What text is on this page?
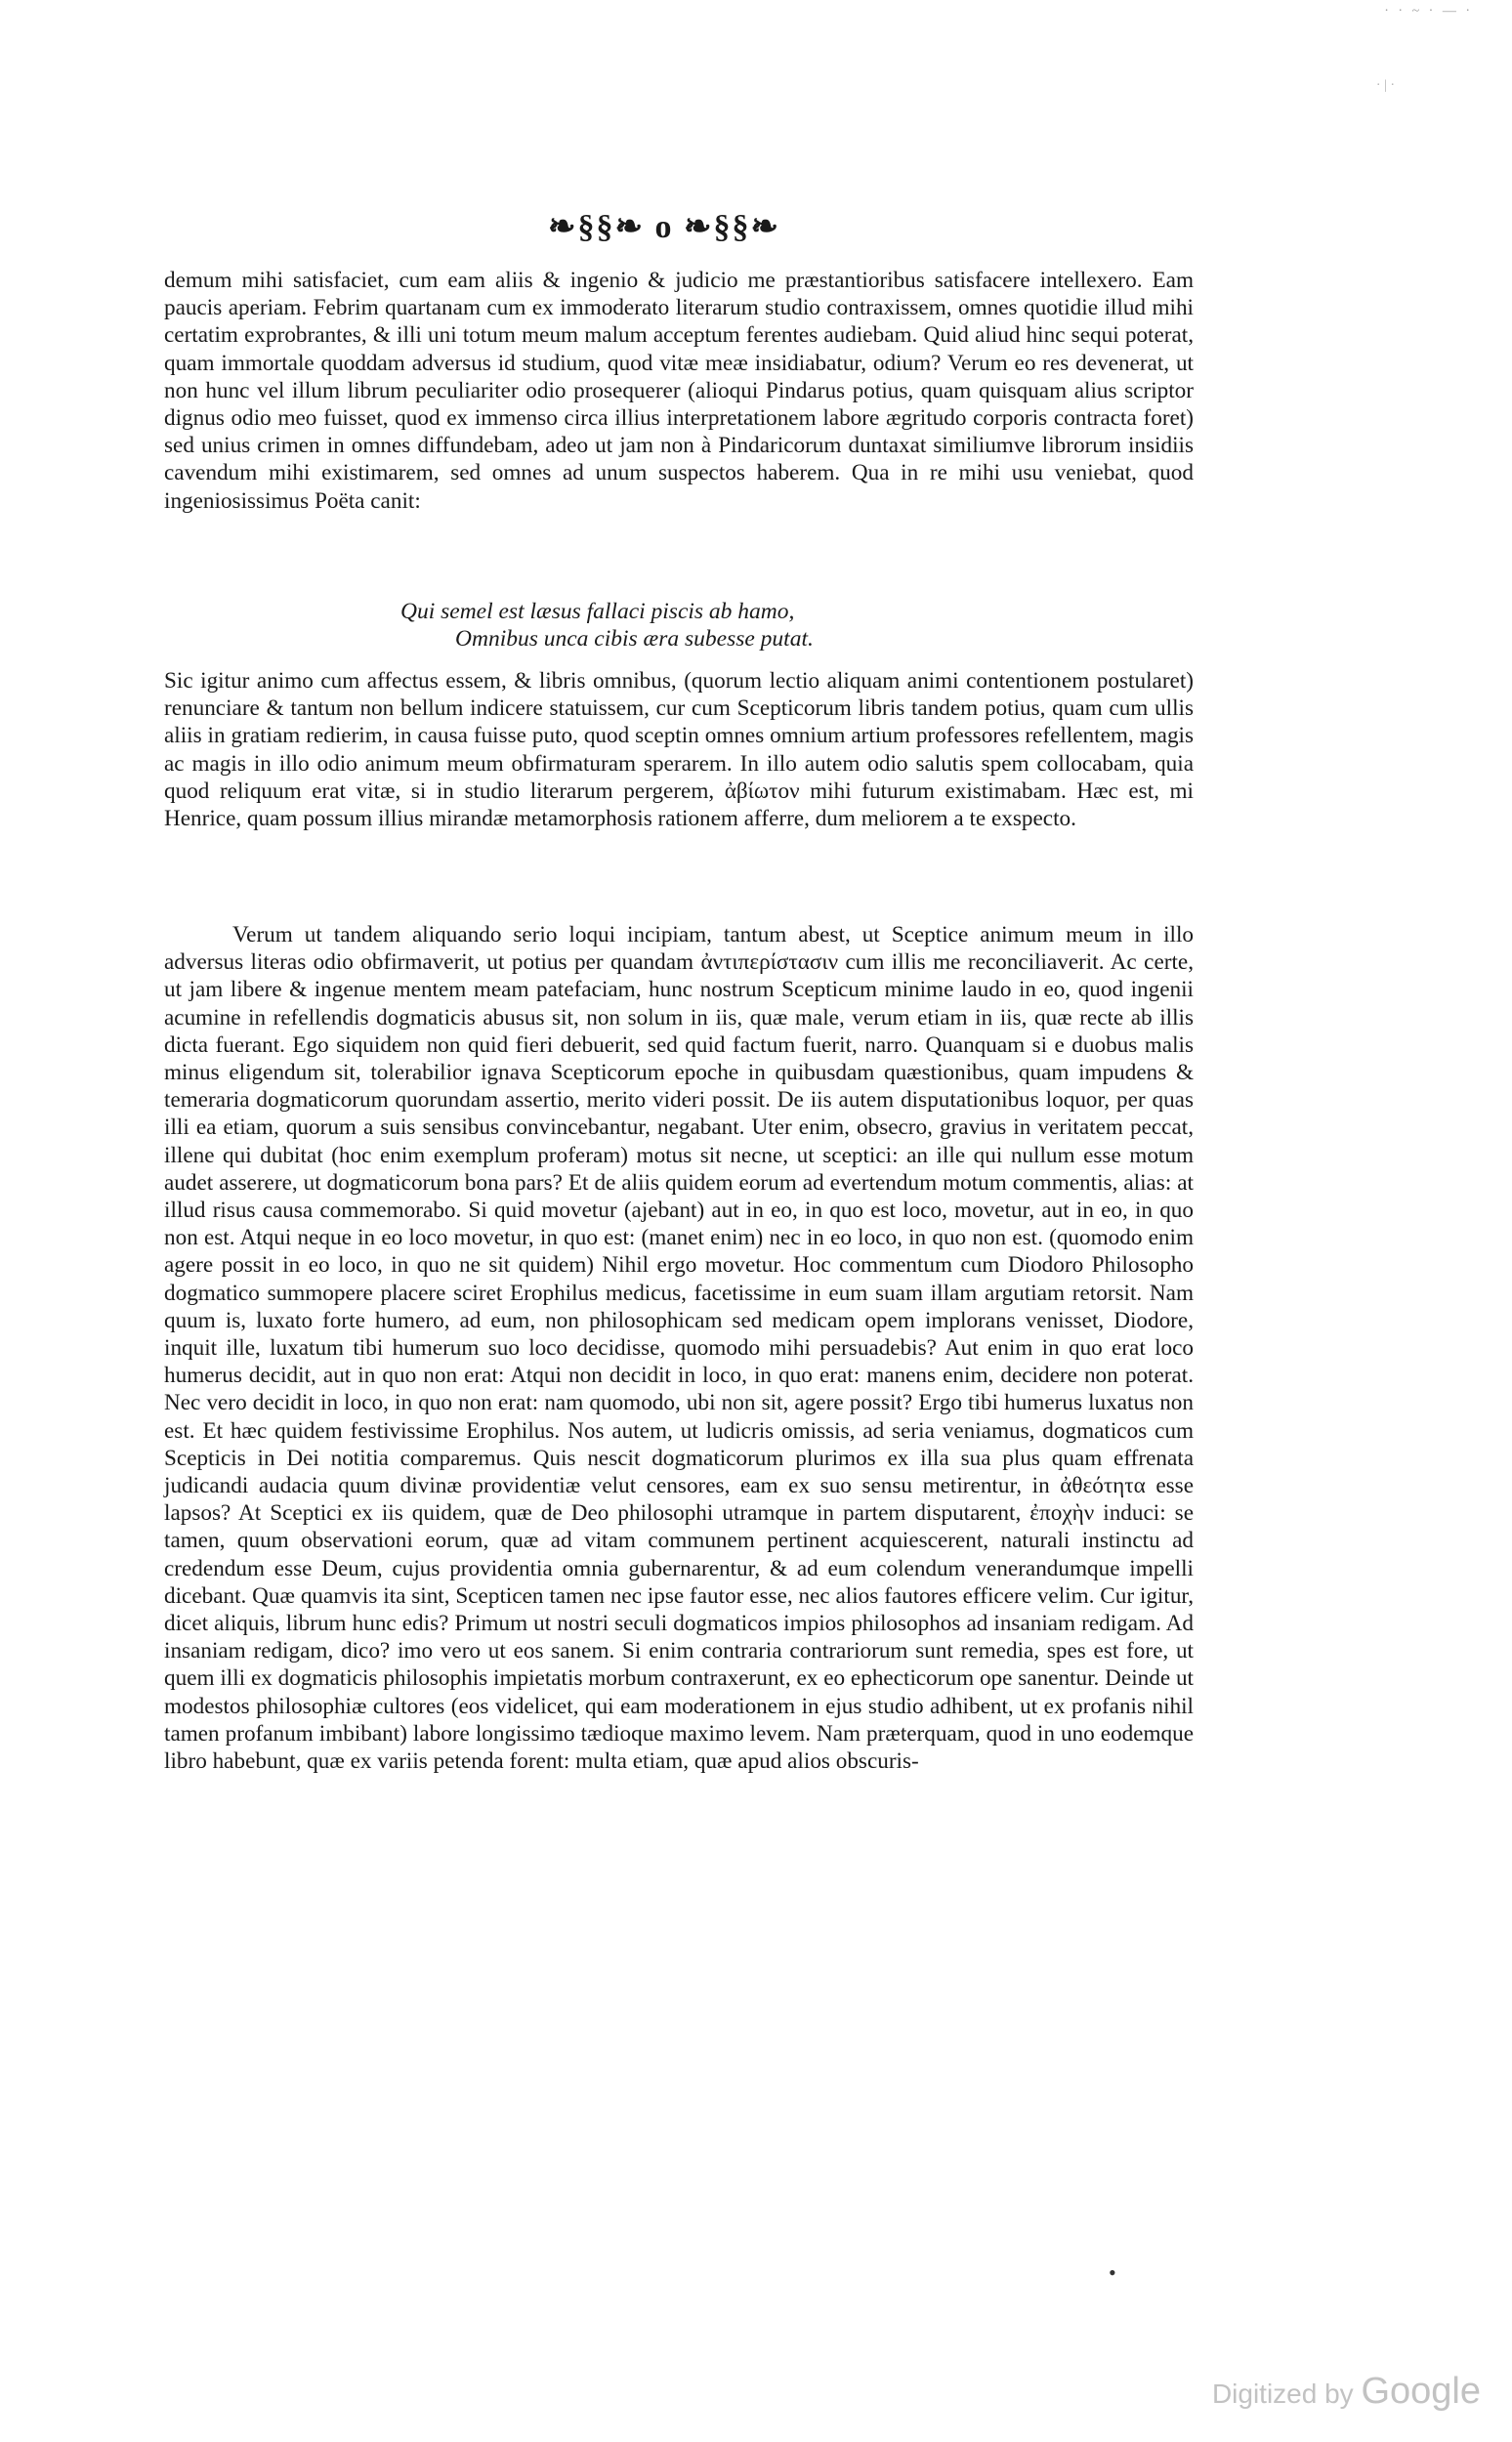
· · ~ · — ·
· | ·
❧§§❧ o ❧§§❧

demum mihi satisfaciet, cum eam aliis & ingenio & judicio me præstantioribus satisfacere intellexero. Eam paucis aperiam. Febrim quartanam cum ex immoderato literarum studio contraxissem, omnes quotidie illud mihi certatim exprobrantes, & illi uni totum meum malum acceptum ferentes audiebam. Quid aliud hinc sequi poterat, quam immortale quoddam adversus id studium, quod vitæ meæ insidiabatur, odium? Verum eo res devenerat, ut non hunc vel illum librum peculiariter odio prosequerer (alioqui Pindarus potius, quam quisquam alius scriptor dignus odio meo fuisset, quod ex immenso circa illius interpretationem labore ægritudo corporis contracta foret) sed unius crimen in omnes diffundebam, adeo ut jam non à Pindaricorum duntaxat similiumve librorum insidiis cavendum mihi existimarem, sed omnes ad unum suspectos haberem. Qua in re mihi usu veniebat, quod ingeniosissimus Poëta canit:

Qui semel est læsus fallaci piscis ab hamo,
Omnibus unca cibis æra subesse putat.

Sic igitur animo cum affectus essem, & libris omnibus, (quorum lectio aliquam animi contentionem postularet) renunciare & tantum non bellum indicere statuissem, cur cum Scepticorum libris tandem potius, quam cum ullis aliis in gratiam redierim, in causa fuisse puto, quod sceptin omnes omnium artium professores refellentem, magis ac magis in illo odio animum meum obfirmaturam sperarem. In illo autem odio salutis spem collocabam, quia quod reliquum erat vitæ, si in studio literarum pergerem, ἀβίωτον mihi futurum existimabam. Hæc est, mi Henrice, quam possum illius mirandæ metamorphosis rationem afferre, dum meliorem a te exspecto.

Verum ut tandem aliquando serio loqui incipiam, tantum abest, ut Sceptice animum meum in illo adversus literas odio obfirmaverit, ut potius per quandam ἀντιπερίστασιν cum illis me reconciliaverit. Ac certe, ut jam libere & ingenue mentem meam patefaciam, hunc nostrum Scepticum minime laudo in eo, quod ingenii acumine in refellendis dogmaticis abusus sit, non solum in iis, quæ male, verum etiam in iis, quæ recte ab illis dicta fuerant. Ego siquidem non quid fieri debuerit, sed quid factum fuerit, narro. Quanquam si e duobus malis minus eligendum sit, tolerabilior ignava Scepticorum epoche in quibusdam quæstionibus, quam impudens & temeraria dogmaticorum quorundam assertio, merito videri possit. De iis autem disputationibus loquor, per quas illi ea etiam, quorum a suis sensibus convincebantur, negabant. Uter enim, obsecro, gravius in veritatem peccat, illene qui dubitat (hoc enim exemplum proferam) motus sit necne, ut sceptici: an ille qui nullum esse motum audet asserere, ut dogmaticorum bona pars? Et de aliis quidem eorum ad evertendum motum commentis, alias: at illud risus causa commemorabo. Si quid movetur (ajebant) aut in eo, in quo est loco, movetur, aut in eo, in quo non est. Atqui neque in eo loco movetur, in quo est: (manet enim) nec in eo loco, in quo non est. (quomodo enim agere possit in eo loco, in quo ne sit quidem) Nihil ergo movetur. Hoc commentum cum Diodoro Philosopho dogmatico summopere placere sciret Erophilus medicus, facetissime in eum suam illam argutiam retorsit. Nam quum is, luxato forte humero, ad eum, non philosophicam sed medicam opem implorans venisset, Diodore, inquit ille, luxatum tibi humerum suo loco decidisse, quomodo mihi persuadebis? Aut enim in quo erat loco humerus decidit, aut in quo non erat: Atqui non decidit in loco, in quo erat: manens enim, decidere non poterat. Nec vero decidit in loco, in quo non erat: nam quomodo, ubi non sit, agere possit? Ergo tibi humerus luxatus non est. Et hæc quidem festivissime Erophilus. Nos autem, ut ludicris omissis, ad seria veniamus, dogmaticos cum Scepticis in Dei notitia comparemus. Quis nescit dogmaticorum plurimos ex illa sua plus quam effrenata judicandi audacia quum divinæ providentiæ velut censores, eam ex suo sensu metirentur, in ἀθεότητα esse lapsos? At Sceptici ex iis quidem, quæ de Deo philosophi utramque in partem disputarent, ἐποχὴν induci: se tamen, quum observationi eorum, quæ ad vitam communem pertinent acquiescerent, naturali instinctu ad credendum esse Deum, cujus providentia omnia gubernarentur, & ad eum colendum venerandumque impelli dicebant. Quæ quamvis ita sint, Scepticen tamen nec ipse fautor esse, nec alios fautores efficere velim. Cur igitur, dicet aliquis, librum hunc edis? Primum ut nostri seculi dogmaticos impios philosophos ad insaniam redigam. Ad insaniam redigam, dico? imo vero ut eos sanem. Si enim contraria contrariorum sunt remedia, spes est fore, ut quem illi ex dogmaticis philosophis impietatis morbum contraxerunt, ex eo ephecticorum ope sanentur. Deinde ut modestos philosophiæ cultores (eos videlicet, qui eam moderationem in ejus studio adhibent, ut ex profanis nihil tamen profanum imbibant) labore longissimo tædioque maximo levem. Nam præterquam, quod in uno eodemque libro habebunt, quæ ex variis petenda forent: multa etiam, quæ apud alios obscuris-

•
Digitized by Google
